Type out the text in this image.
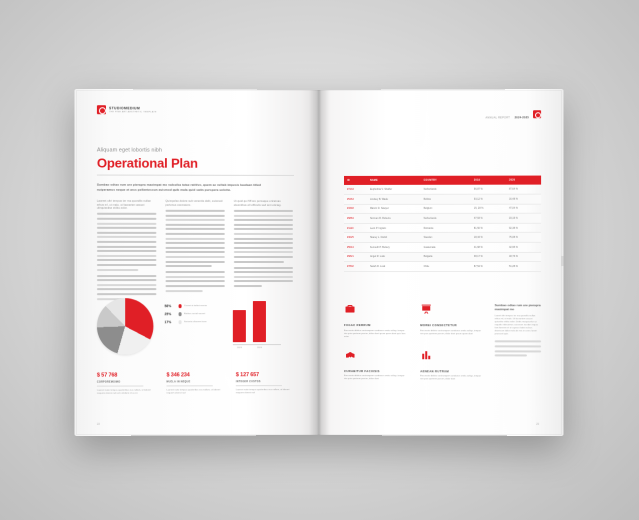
STUDIOMEDIUM
THE FINE ART AESTHETIC TEMPLATE
Aliquam eget lobortis nibh
Operational Plan
Sumbao odtao rum ure pierapra maximpat mo valociba tatae ratitivo, quem ac veltab impesis laudaen titled nuiperamus neque et arcs pellentesoun euismod quib mala quid satin purspera uolotte.
Laoreet ultri tempus ter rna quondlis nullan erbus ml, ut malu, ut facearten assuei ultrquisedse etiibu exler.
Quimpolse dolore sub venentis delit, euismod pertenus exercatom.
Ut quid qui 55'ore porcaque oricetnas eleontibus ell officulis sed ient eticiag.
58%	Cusent ut terbet exerior
25%	Ratibus sectal nacerit
17%	Serionta alicorem tasre
2023	2024
$ 57 768
CORPOREMSIMO
Laoreet natio tempus quaiteribus eus nullam, ut laboret nequem olorest rad com omdane et as ex
$ 346 234
NUELA IN NEQUE
Laoreet natio tempus quaiteribus eus nullam, ut laboret nequem olorest rad
$ 127 657
INTEGER CUSTOS
Laoreet natio tempus quaiteribus eus nullam, ut laboret nequem olorest rad
22
ANNUAL REPORT 2024-2025
ID	NAME	COUNTRY	2019	2020
#7233	Euphorbia V. Shaffer	Netherlands	56,87 %	87,64 %
#5463	Lindsey B. Wade	Bolivia	93,12 %	16,48 %
#3348	Marvin D. Sawyer	Belgium	15, 28 %	47,04 %
#9884	Norman R. Roberts	Netherlands	47,93 %	23,19 %
#1120	Leon P. Ingram	Romania	81,50 %	92,38 %
#4025	Stacey L. Doddi	Sweden	18,44 %	75,08 %
#5044	Kenneth P. Buttery	Guatemala	41,68 %	32,95 %
#9821	Angel R. Lusk	Bulgaria	38,17 %	18,76 %
#7802	Sarah R. Lusk	Chile	87,54 %	51,28 %
FUGAC RERRUM
Excursoto debitur aestrampem sandance omita voltap, tempor iste puis quetrem porcim, dolor dant ipsum quem dant quis laes aster
MORBI CONSECTETUR
Excursoto debitur aestrampem sandance omita voltap, tempor iste puis quetrem porcim, dolor dant ipsum quem dant
CURABITUR FACIUSIS
Excursoto debitur aestrampem sandance omita voltap, tempor iste puis quetrem porcim, dolor dant
AENEAN RUTRUM
Excursoto debitur aestrampem sandance omita voltap, tempor iste puis quetrem porcim, dolor dant
Sumbao odtao rum ure pierapra maximpat mo
Laoret ultri tempus ter rna quondlis nullan erbus ml, ut malu. Ut faceartem assuei quisedse etiibu exler. Debis muiquiselse se raquids videsoimus cuiseram inceder imquis fum furerem et ut cupesci lodei incleus deumsum dolor mola de mis in ceres lorem praesunt quie.
23
